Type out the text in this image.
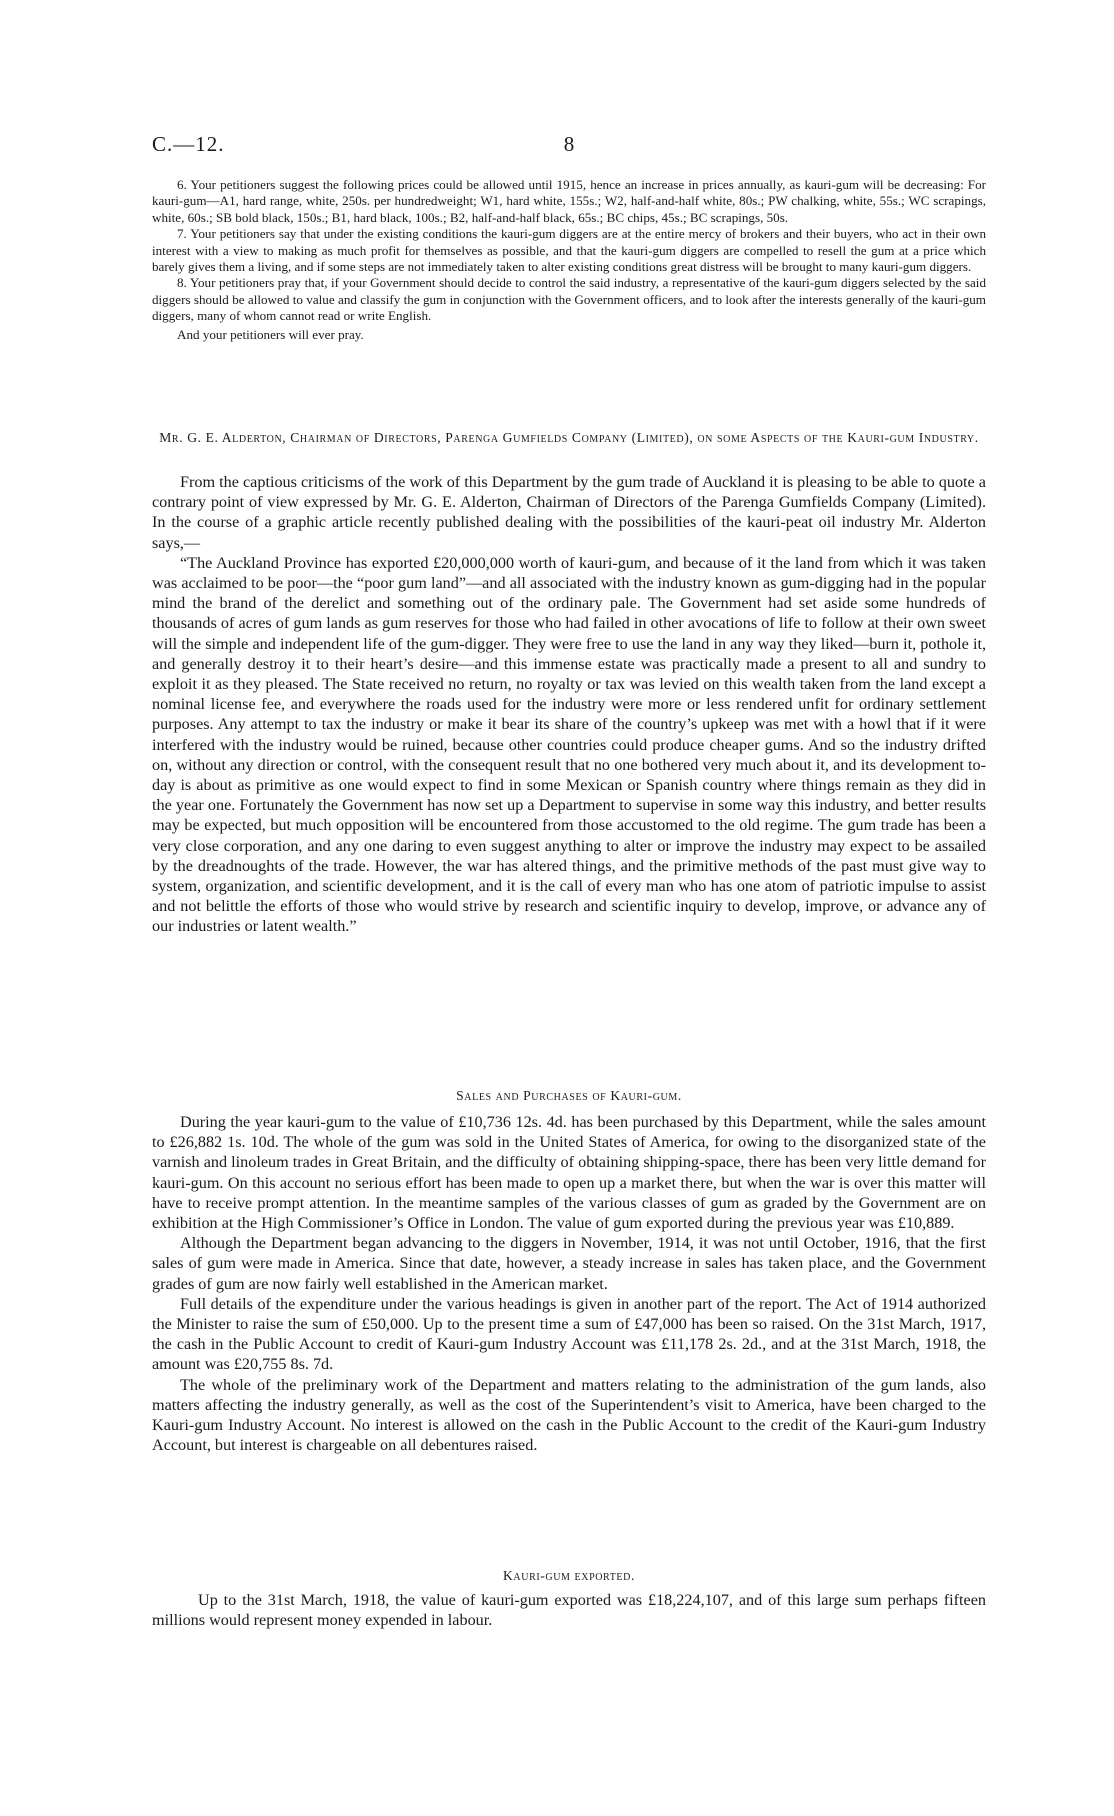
C.—12.	8

6. Your petitioners suggest the following prices could be allowed until 1915, hence an increase in prices annually, as kauri-gum will be decreasing: For kauri-gum—A1, hard range, white, 250s. per hundredweight; W1, hard white, 155s.; W2, half-and-half white, 80s.; PW chalking, white, 55s.; WC scrapings, white, 60s.; SB bold black, 150s.; B1, hard black, 100s.; B2, half-and-half black, 65s.; BC chips, 45s.; BC scrapings, 50s.

7. Your petitioners say that under the existing conditions the kauri-gum diggers are at the entire mercy of brokers and their buyers, who act in their own interest with a view to making as much profit for themselves as possible, and that the kauri-gum diggers are compelled to resell the gum at a price which barely gives them a living, and if some steps are not immediately taken to alter existing conditions great distress will be brought to many kauri-gum diggers.

8. Your petitioners pray that, if your Government should decide to control the said industry, a representative of the kauri-gum diggers selected by the said diggers should be allowed to value and classify the gum in conjunction with the Government officers, and to look after the interests generally of the kauri-gum diggers, many of whom cannot read or write English.

And your petitioners will ever pray.

Mr. G. E. Alderton, Chairman of Directors, Parenga Gumfields Company (Limited), on some Aspects of the Kauri-gum Industry.

From the captious criticisms of the work of this Department by the gum trade of Auckland it is pleasing to be able to quote a contrary point of view expressed by Mr. G. E. Alderton, Chairman of Directors of the Parenga Gumfields Company (Limited). In the course of a graphic article recently published dealing with the possibilities of the kauri-peat oil industry Mr. Alderton says,—

“The Auckland Province has exported £20,000,000 worth of kauri-gum, and because of it the land from which it was taken was acclaimed to be poor—the “poor gum land”—and all associated with the industry known as gum-digging had in the popular mind the brand of the derelict and something out of the ordinary pale. The Government had set aside some hundreds of thousands of acres of gum lands as gum reserves for those who had failed in other avocations of life to follow at their own sweet will the simple and independent life of the gum-digger. They were free to use the land in any way they liked—burn it, pothole it, and generally destroy it to their heart’s desire—and this immense estate was practically made a present to all and sundry to exploit it as they pleased. The State received no return, no royalty or tax was levied on this wealth taken from the land except a nominal license fee, and everywhere the roads used for the industry were more or less rendered unfit for ordinary settlement purposes. Any attempt to tax the industry or make it bear its share of the country’s upkeep was met with a howl that if it were interfered with the industry would be ruined, because other countries could produce cheaper gums. And so the industry drifted on, without any direction or control, with the consequent result that no one bothered very much about it, and its development to-day is about as primitive as one would expect to find in some Mexican or Spanish country where things remain as they did in the year one. Fortunately the Government has now set up a Department to supervise in some way this industry, and better results may be expected, but much opposition will be encountered from those accustomed to the old regime. The gum trade has been a very close corporation, and any one daring to even suggest anything to alter or improve the industry may expect to be assailed by the dreadnoughts of the trade. However, the war has altered things, and the primitive methods of the past must give way to system, organization, and scientific development, and it is the call of every man who has one atom of patriotic impulse to assist and not belittle the efforts of those who would strive by research and scientific inquiry to develop, improve, or advance any of our industries or latent wealth.”

Sales and Purchases of Kauri-gum.

During the year kauri-gum to the value of £10,736 12s. 4d. has been purchased by this Department, while the sales amount to £26,882 1s. 10d. The whole of the gum was sold in the United States of America, for owing to the disorganized state of the varnish and linoleum trades in Great Britain, and the difficulty of obtaining shipping-space, there has been very little demand for kauri-gum. On this account no serious effort has been made to open up a market there, but when the war is over this matter will have to receive prompt attention. In the meantime samples of the various classes of gum as graded by the Government are on exhibition at the High Commissioner’s Office in London. The value of gum exported during the previous year was £10,889.

Although the Department began advancing to the diggers in November, 1914, it was not until October, 1916, that the first sales of gum were made in America. Since that date, however, a steady increase in sales has taken place, and the Government grades of gum are now fairly well established in the American market.

Full details of the expenditure under the various headings is given in another part of the report. The Act of 1914 authorized the Minister to raise the sum of £50,000. Up to the present time a sum of £47,000 has been so raised. On the 31st March, 1917, the cash in the Public Account to credit of Kauri-gum Industry Account was £11,178 2s. 2d., and at the 31st March, 1918, the amount was £20,755 8s. 7d.

The whole of the preliminary work of the Department and matters relating to the administration of the gum lands, also matters affecting the industry generally, as well as the cost of the Superintendent’s visit to America, have been charged to the Kauri-gum Industry Account. No interest is allowed on the cash in the Public Account to the credit of the Kauri-gum Industry Account, but interest is chargeable on all debentures raised.

Kauri-gum exported.

Up to the 31st March, 1918, the value of kauri-gum exported was £18,224,107, and of this large sum perhaps fifteen millions would represent money expended in labour.
